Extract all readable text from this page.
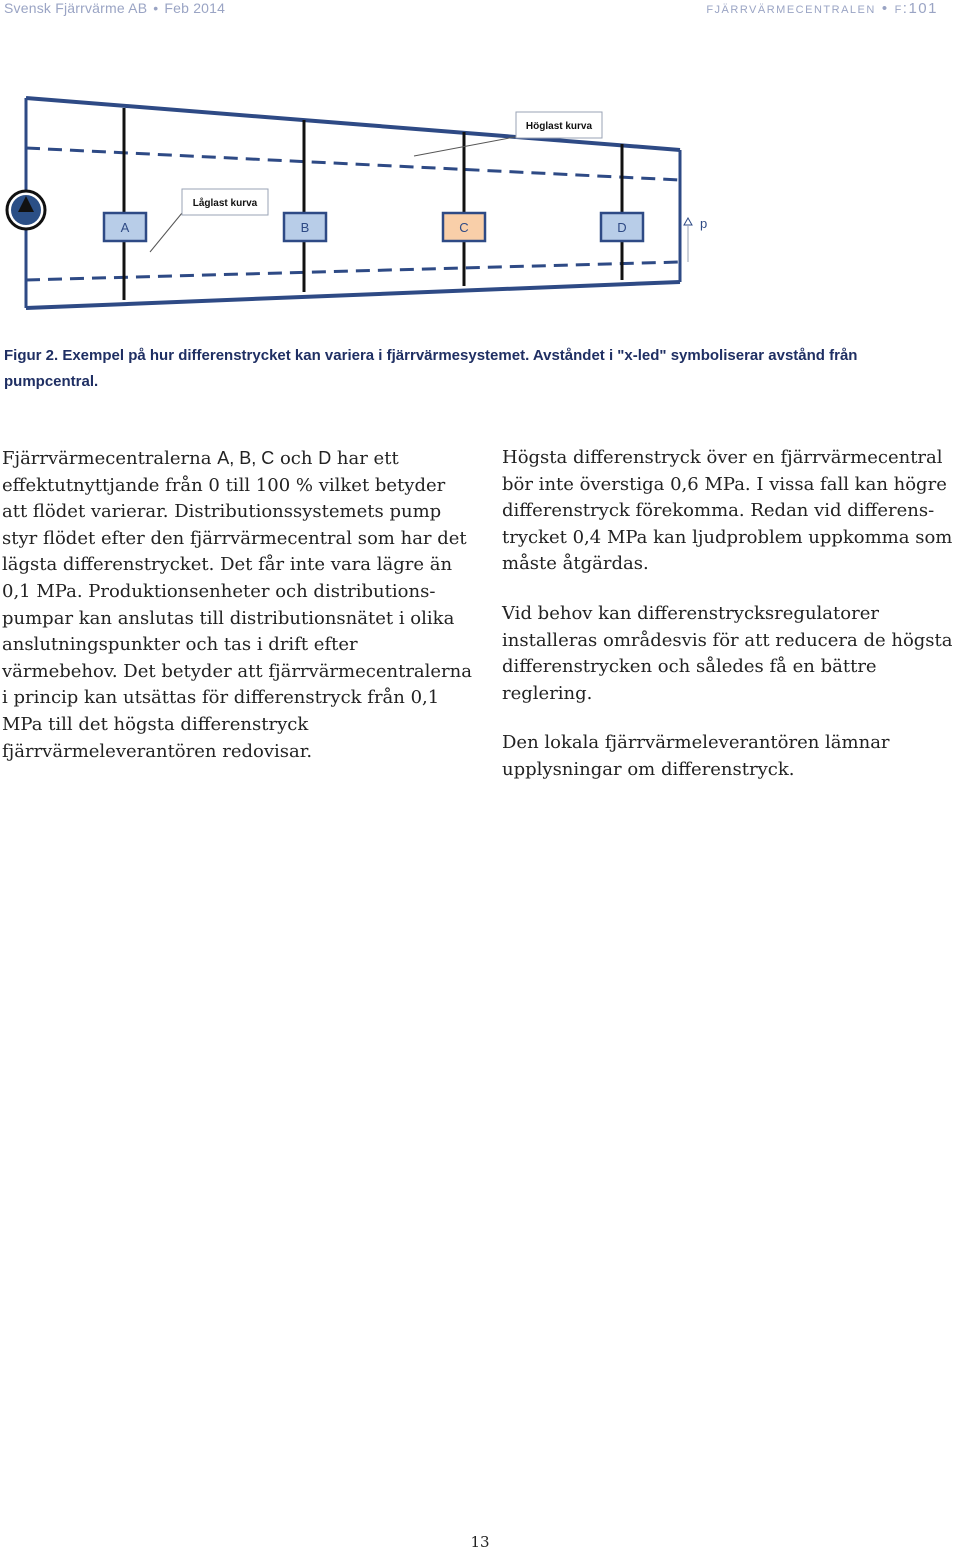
Svensk Fjärrvärme AB • Feb 2014	fjärrvärmecentralen • f:101
A	B	C	D
Höglast kurva
Låglast kurva
p
Figur 2. Exempel på hur differenstrycket kan variera i fjärrvärmesystemet. Avståndet i "x-led" symboliserar avstånd från pumpcentral.

Fjärrvärmecentralerna A, B, C och D har ett effektutnyttjande från 0 till 100 % vilket betyder att flödet varierar. Distributionssystemets pump styr flödet efter den fjärrvärmecentral som har det lägsta differenstrycket. Det får inte vara lägre än 0,1 MPa. Produktionsenheter och distributionspumpar kan anslutas till distributionsnätet i olika anslutningspunkter och tas i drift efter värmebehov. Det betyder att fjärrvärmecentralerna i princip kan utsättas för differenstryck från 0,1 MPa till det högsta differenstryck fjärrvärmeleverantören redovisar.

Högsta differenstryck över en fjärrvärmecentral bör inte överstiga 0,6 MPa. I vissa fall kan högre differenstryck förekomma. Redan vid differenstrycket 0,4 MPa kan ljudproblem uppkomma som måste åtgärdas.

Vid behov kan differenstrycksregulatorer installeras områdesvis för att reducera de högsta differenstrycken och således få en bättre reglering.

Den lokala fjärrvärmeleverantören lämnar upplysningar om differenstryck.

13
